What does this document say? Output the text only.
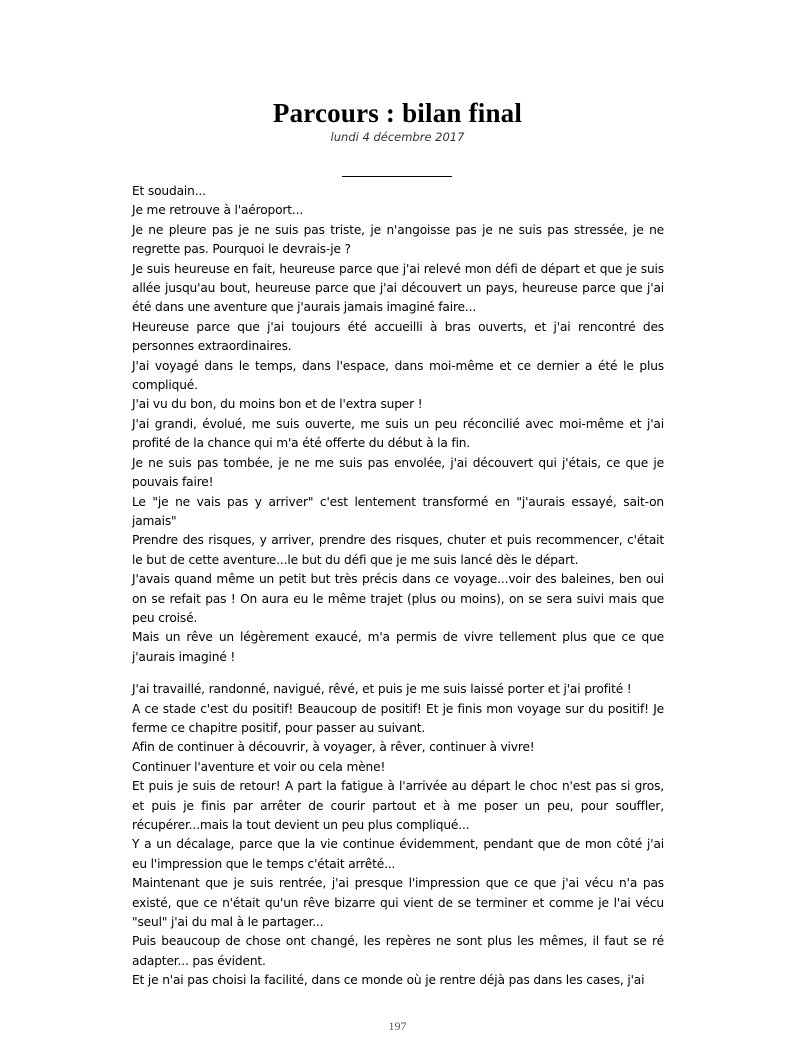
Parcours : bilan final
lundi 4 décembre 2017

Et soudain...

Je me retrouve à l'aéroport...

Je ne pleure pas je ne suis pas triste, je n'angoisse pas je ne suis pas stressée, je ne regrette pas. Pourquoi le devrais-je ?

Je suis heureuse en fait, heureuse parce que j'ai relevé mon défi de départ et que je suis allée jusqu'au bout, heureuse parce que j'ai découvert un pays, heureuse parce que j'ai été dans une aventure que j'aurais jamais imaginé faire...

Heureuse parce que j'ai toujours été accueilli à bras ouverts, et j'ai rencontré des personnes extraordinaires.

J'ai voyagé dans le temps, dans l'espace, dans moi-même et ce dernier a été le plus compliqué.

J'ai vu du bon, du moins bon et de l'extra super !

J'ai grandi, évolué, me suis ouverte, me suis un peu réconcilié avec moi-même et j'ai profité de la chance qui m'a été offerte du début à la fin.

Je ne suis pas tombée, je ne me suis pas envolée, j'ai découvert qui j'étais, ce que je pouvais faire!

Le "je ne vais pas y arriver" c'est lentement transformé en "j'aurais essayé, sait-on jamais"

Prendre des risques, y arriver, prendre des risques, chuter et puis recommencer, c'était le but de cette aventure...le but du défi que je me suis lancé dès le départ.

J'avais quand même un petit but très précis dans ce voyage...voir des baleines, ben oui on se refait pas ! On aura eu le même trajet (plus ou moins), on se sera suivi mais que peu croisé.

Mais un rêve un légèrement exaucé, m'a permis de vivre tellement plus que ce que j'aurais imaginé !

J'ai travaillé, randonné, navigué, rêvé, et puis je me suis laissé porter et j'ai profité !

A ce stade c'est du positif! Beaucoup de positif! Et je finis mon voyage sur du positif! Je ferme ce chapitre positif, pour passer au suivant.

Afin de continuer à découvrir, à voyager, à rêver, continuer à vivre!

Continuer l'aventure et voir ou cela mène!

Et puis je suis de retour! A part la fatigue à l'arrivée au départ le choc n'est pas si gros, et puis je finis par arrêter de courir partout et à me poser un peu, pour souffler, récupérer...mais la tout devient un peu plus compliqué...

Y a un décalage, parce que la vie continue évidemment, pendant que de mon côté j'ai eu l'impression que le temps c'était arrêté...

Maintenant que je suis rentrée, j'ai presque l'impression que ce que j'ai vécu n'a pas existé, que ce n'était qu'un rêve bizarre qui vient de se terminer et comme je l'ai vécu "seul" j'ai du mal à le partager...

Puis beaucoup de chose ont changé, les repères ne sont plus les mêmes, il faut se ré adapter... pas évident.

Et je n'ai pas choisi la facilité, dans ce monde où je rentre déjà pas dans les cases, j'ai

197
